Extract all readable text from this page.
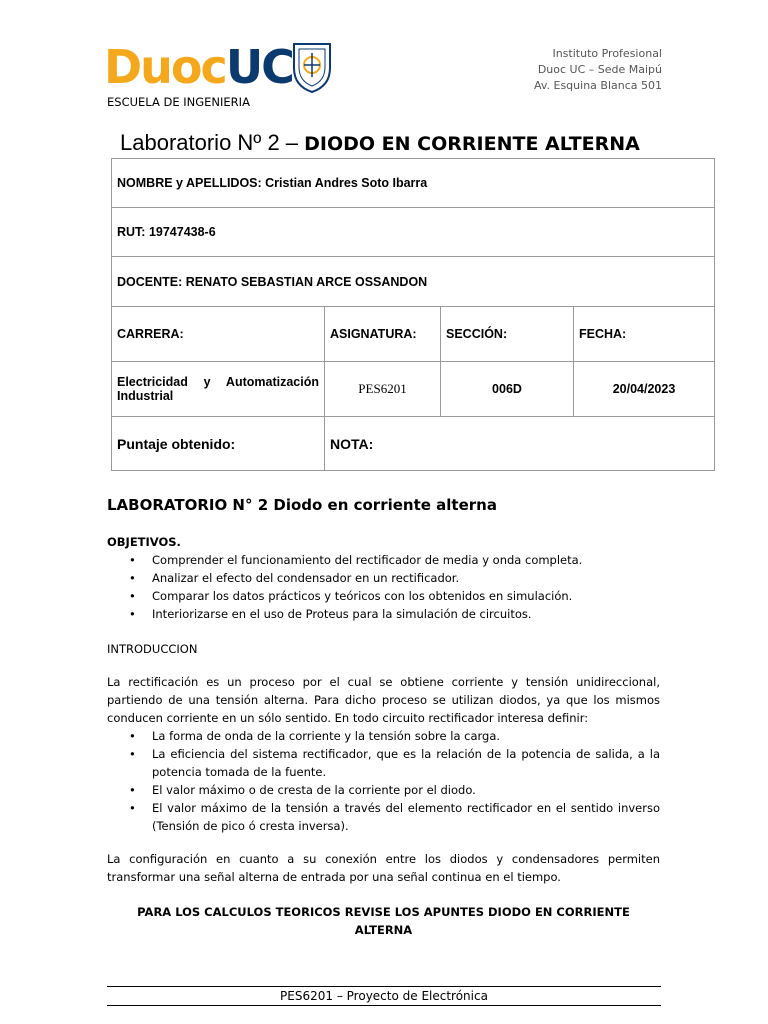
DuocUC
ESCUELA DE INGENIERIA
Instituto Profesional
Duoc UC – Sede Maipú
Av. Esquina Blanca 501
Laboratorio Nº 2 – DIODO EN CORRIENTE ALTERNA
NOMBRE y APELLIDOS: Cristian Andres Soto Ibarra			
RUT: 19747438-6			
DOCENTE: RENATO SEBASTIAN ARCE OSSANDON			
CARRERA:	ASIGNATURA:	SECCIÓN:	FECHA:
Electricidad y Automatización Industrial	PES6201	006D	20/04/2023
Puntaje obtenido:	NOTA:		
LABORATORIO N° 2 Diodo en corriente alterna

OBJETIVOS.

• Comprender el funcionamiento del rectificador de media y onda completa.
• Analizar el efecto del condensador en un rectificador.
• Comparar los datos prácticos y teóricos con los obtenidos en simulación.
• Interiorizarse en el uso de Proteus para la simulación de circuitos.
INTRODUCCION

La rectificación es un proceso por el cual se obtiene corriente y tensión unidireccional, partiendo de una tensión alterna. Para dicho proceso se utilizan diodos, ya que los mismos conducen corriente en un sólo sentido. En todo circuito rectificador interesa definir:

• La forma de onda de la corriente y la tensión sobre la carga.
• La eficiencia del sistema rectificador, que es la relación de la potencia de salida, a la potencia tomada de la fuente.
• El valor máximo o de cresta de la corriente por el diodo.
• El valor máximo de la tensión a través del elemento rectificador en el sentido inverso (Tensión de pico ó cresta inversa).

La configuración en cuanto a su conexión entre los diodos y condensadores permiten transformar una señal alterna de entrada por una señal continua en el tiempo.

PARA LOS CALCULOS TEORICOS REVISE LOS APUNTES DIODO EN CORRIENTE ALTERNA
PES6201 – Proyecto de Electrónica
